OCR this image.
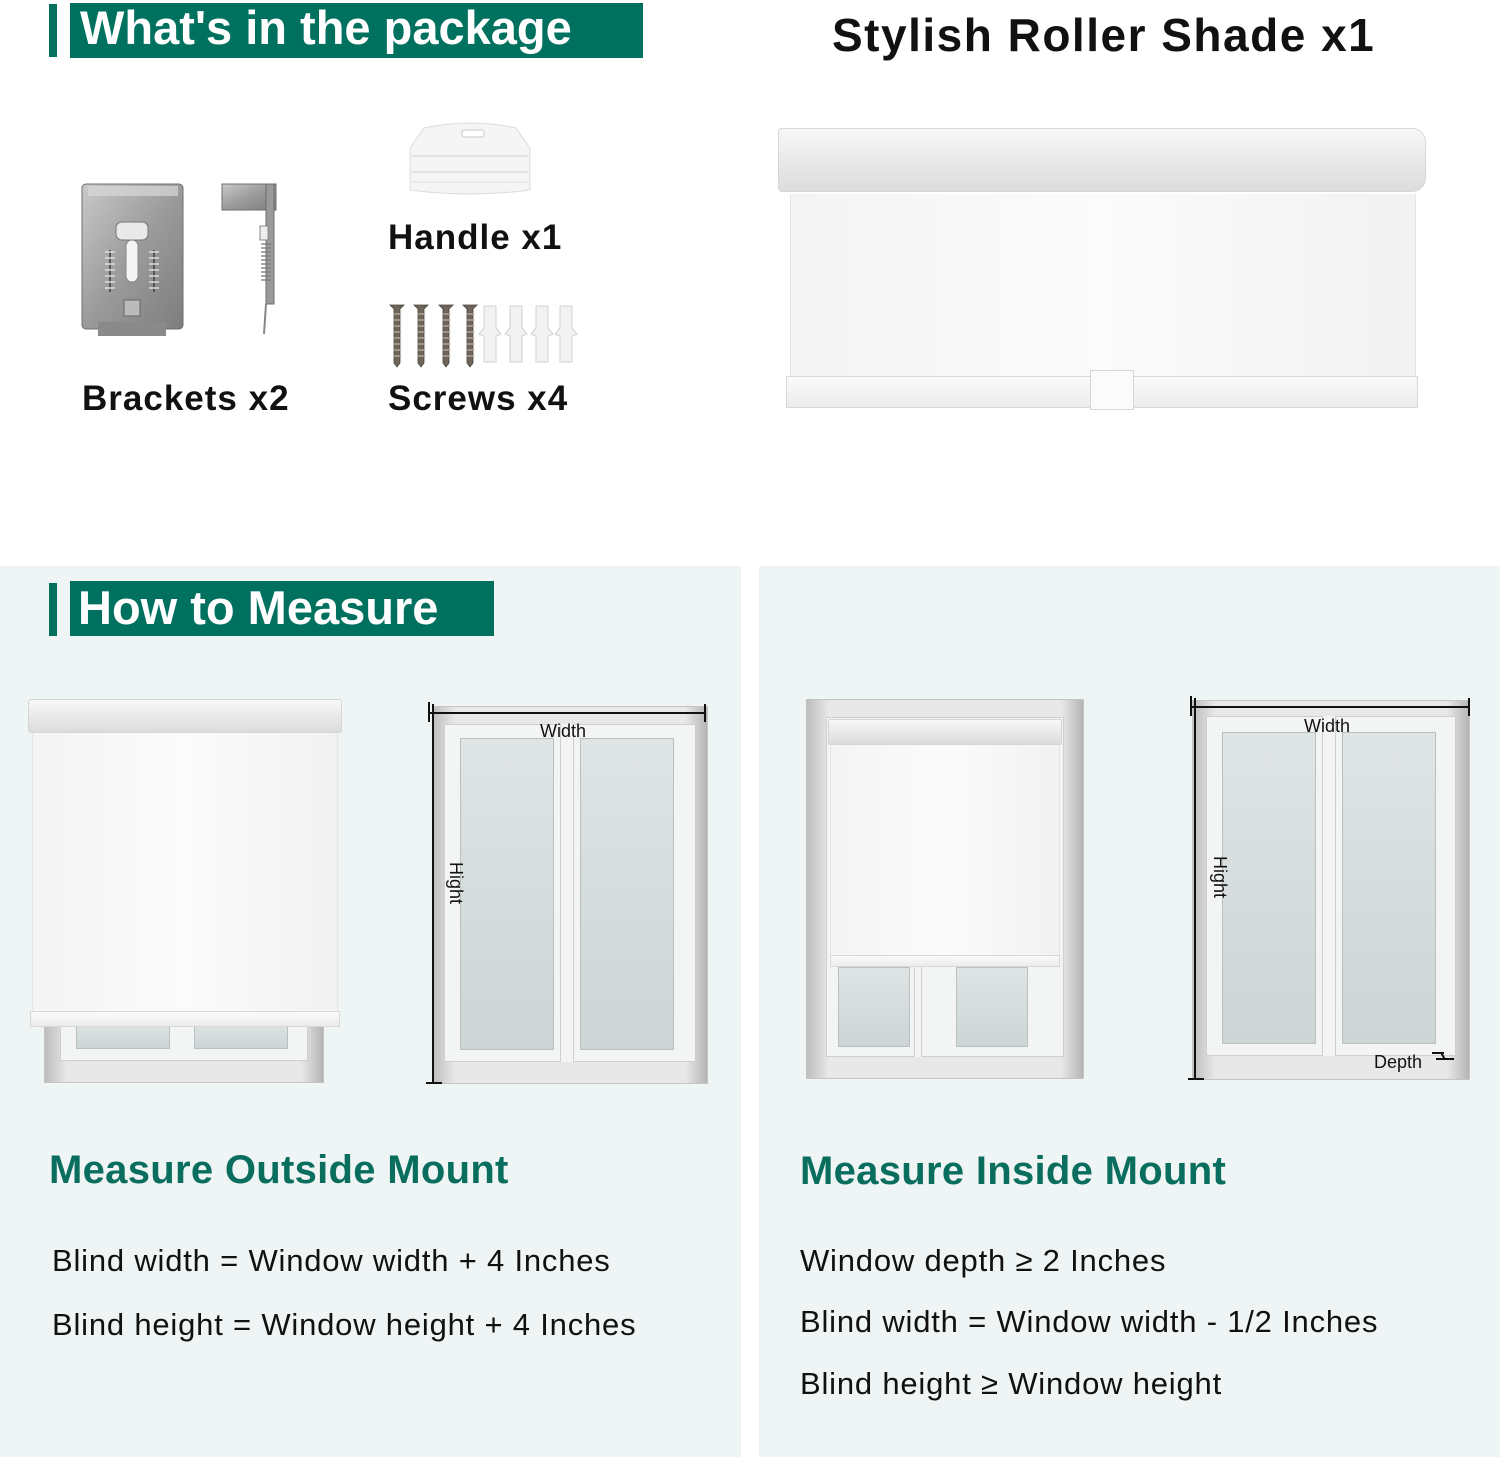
What's in the package
Brackets x2
Handle x1
Screws x4
Stylish Roller Shade x1
How to Measure
Width
Hight
Width
Hight
Depth
Measure Outside Mount
Blind width = Window width + 4 Inches
Blind height = Window height + 4 Inches
Measure Inside Mount
Window depth ≥ 2 Inches
Blind width = Window width - 1/2 Inches
Blind height ≥ Window height
